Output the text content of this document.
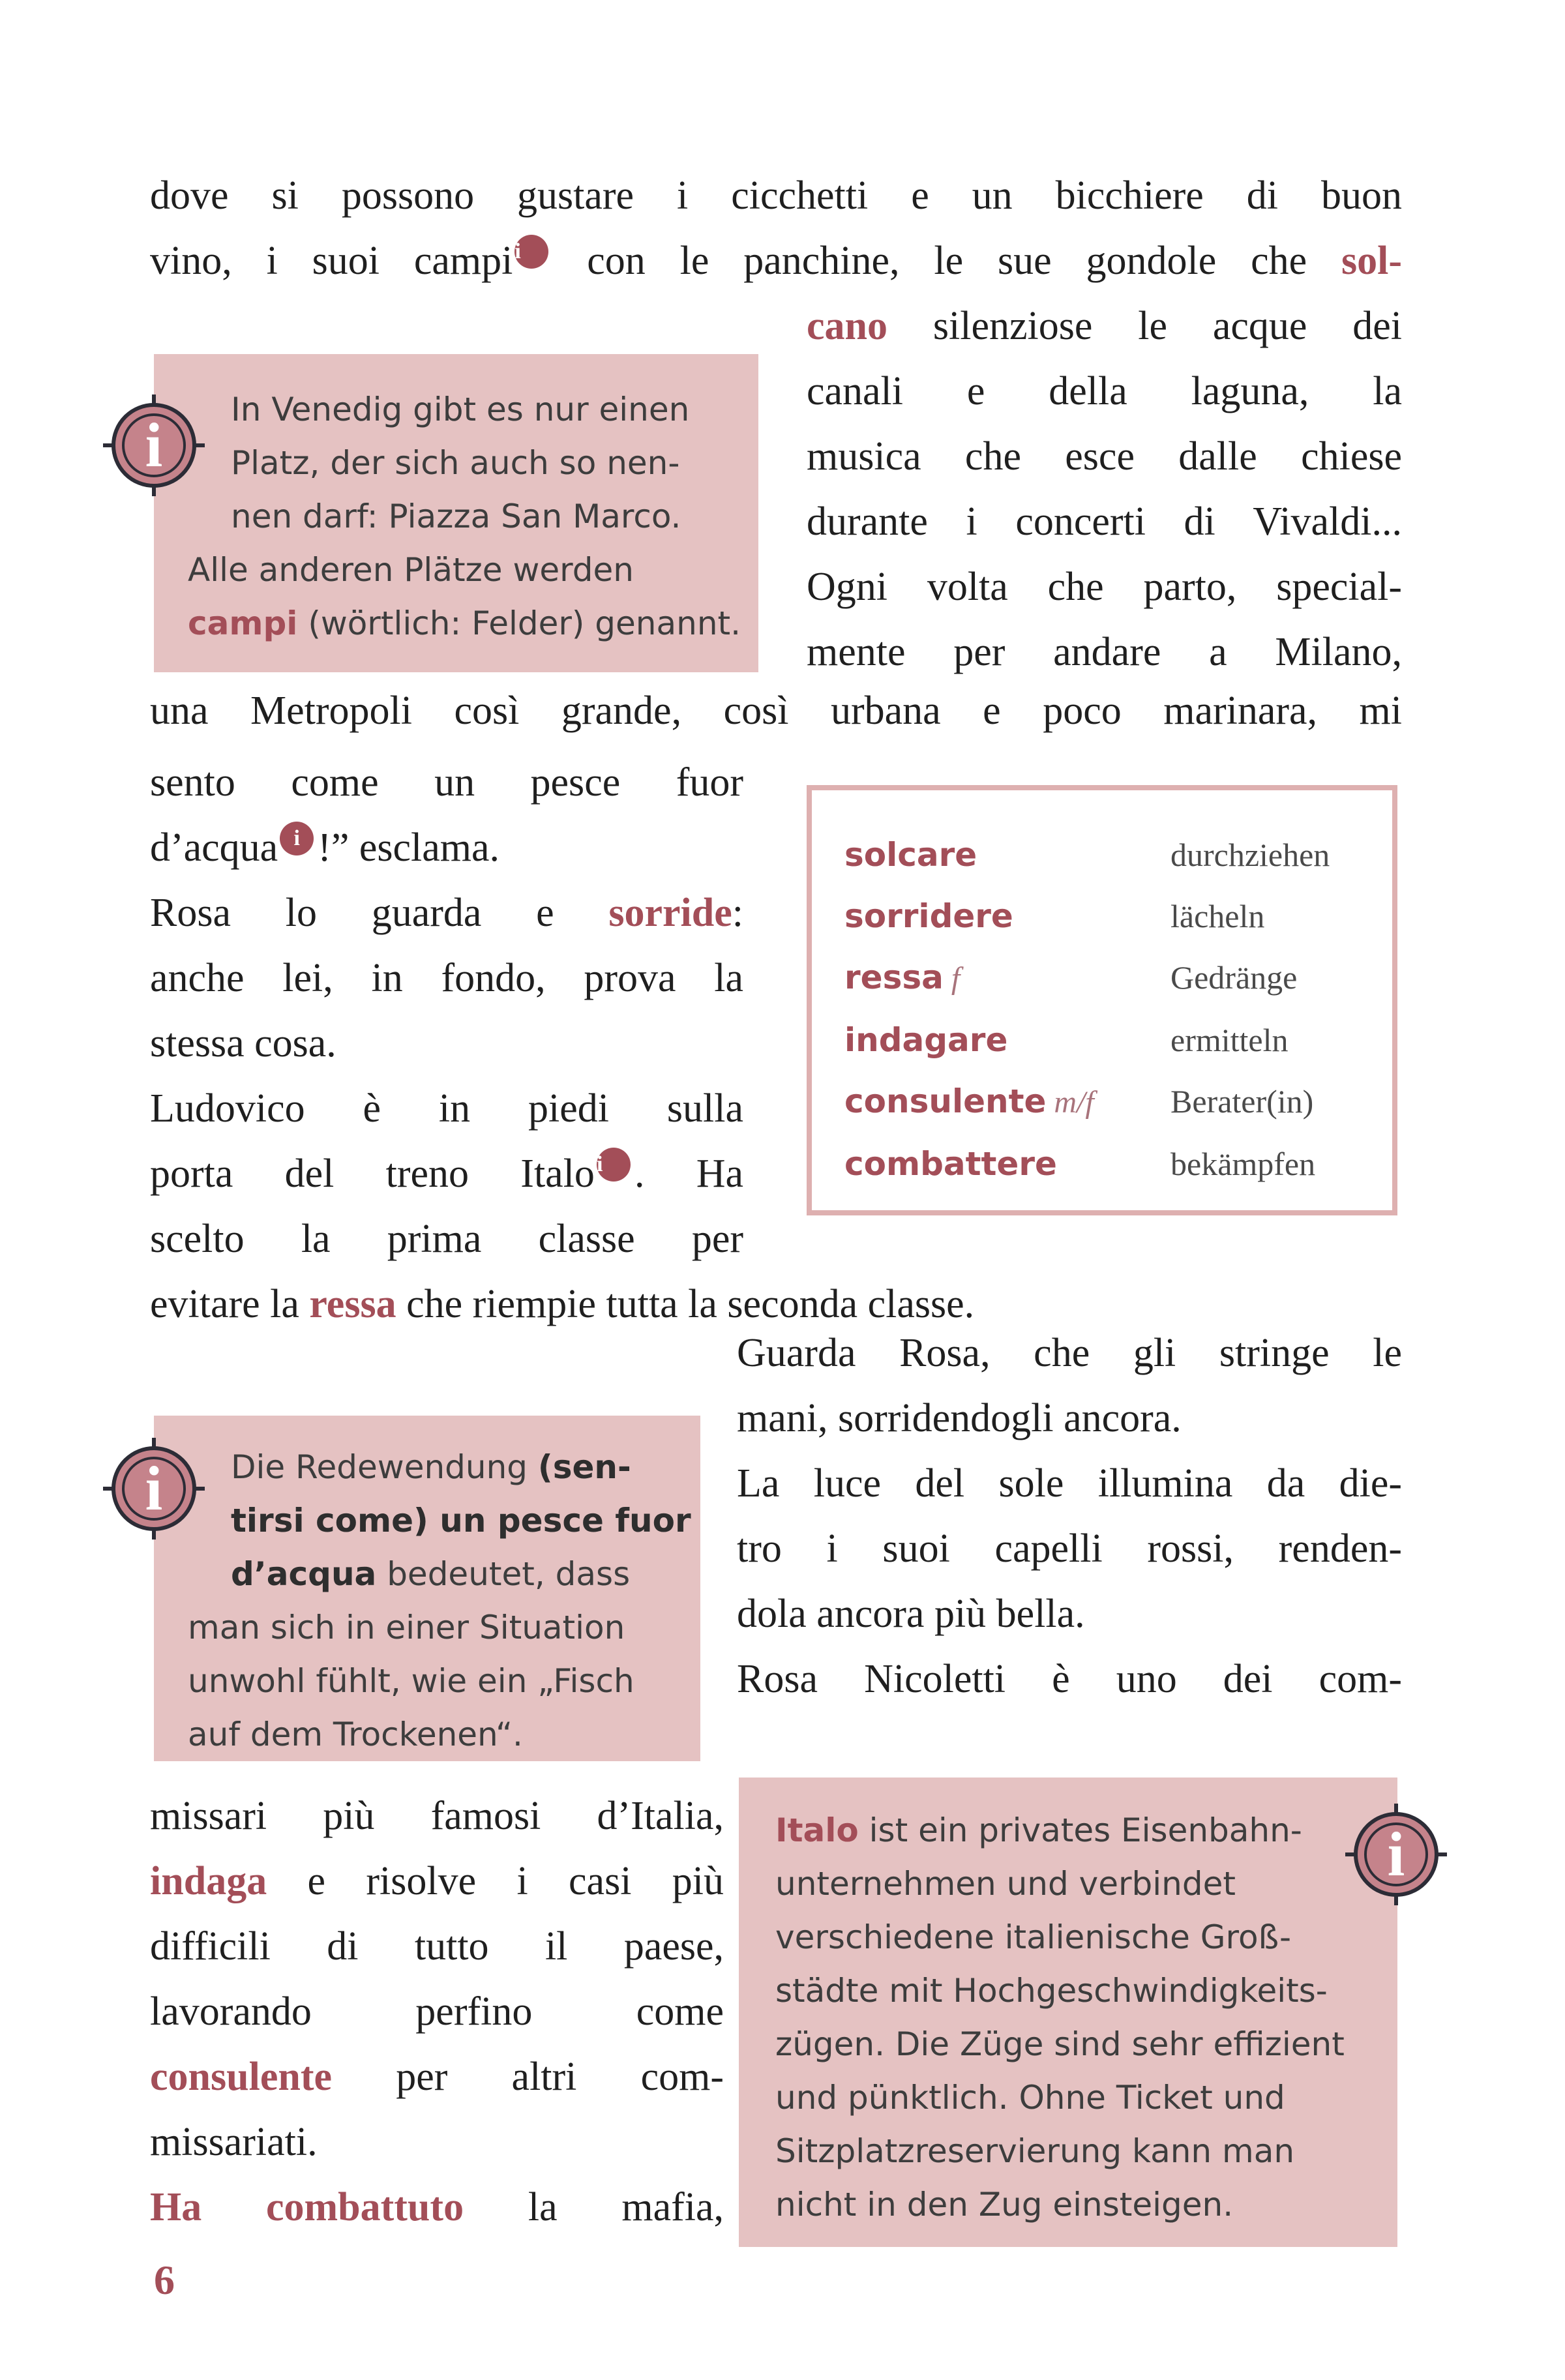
dove si possono gustare i cicchetti e un bicchiere di buon
vino, i suoi campii con le panchine, le sue gondole che sol-
cano silenziose le acque dei
canali e della laguna, la
musica che esce dalle chiese
durante i concerti di Vivaldi...
Ogni volta che parto, special-
mente per andare a Milano,
i
In Venedig gibt es nur einen
Platz, der sich auch so nen-
nen darf: Piazza San Marco.
Alle anderen Plätze werden
campi (wörtlich: Felder) genannt.
una Metropoli così grande, così urbana e poco marinara, mi
sento come un pesce fuor
d’acqua i !” esclama.
Rosa lo guarda e sorride:
anche lei, in fondo, prova la
stessa cosa.
Ludovico è in piedi sulla
porta del treno Italoi . Ha
scelto la prima classe per
solcare	durchziehen
sorridere	lächeln
ressa f	Gedränge
indagare	ermitteln
consulente m/f	Berater(in)
combattere	bekämpfen
evitare la ressa che riempie tutta la seconda classe.
Guarda Rosa, che gli stringe le
mani, sorridendogli ancora.
La luce del sole illumina da die-
tro i suoi capelli rossi, renden-
dola ancora più bella.
Rosa Nicoletti è uno dei com-
i Die Redewendung (sen-
tirsi come) un pesce fuor
d’acqua bedeutet, dass
man sich in einer Situation
unwohl fühlt, wie ein „Fisch
auf dem Trockenen“.
missari più famosi d’Italia,
indaga e risolve i casi più
difficili di tutto il paese,
lavorando perfino come
consulente per altri com-
missariati.
Ha combattuto la mafia,
i
Italo ist ein privates Eisenbahn-
unternehmen und verbindet
verschiedene italienische Groß-
städte mit Hochgeschwindigkeits-
zügen. Die Züge sind sehr effizient
und pünktlich. Ohne Ticket und
Sitzplatzreservierung kann man
nicht in den Zug einsteigen.
6
